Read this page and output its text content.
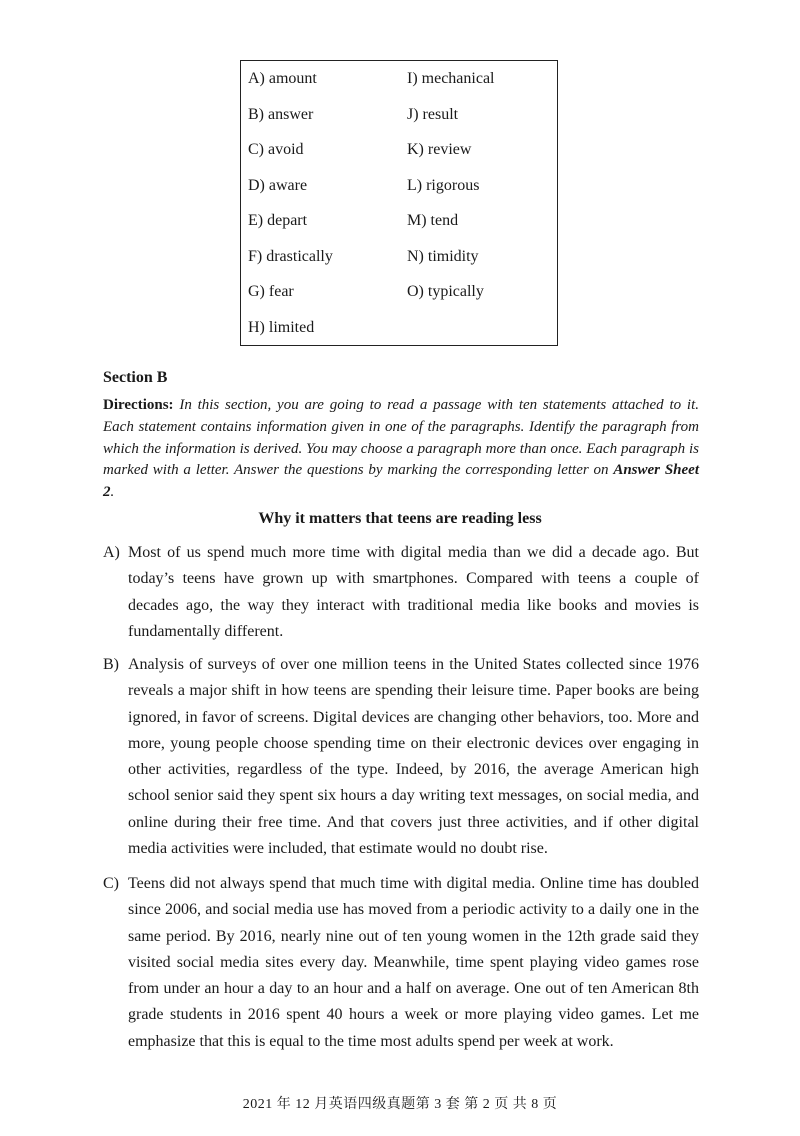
A) amount
B) answer
C) avoid
D) aware
E) depart
F) drastically
G) fear
H) limited
I) mechanical
J) result
K) review
L) rigorous
M) tend
N) timidity
O) typically
Section B
Directions: In this section, you are going to read a passage with ten statements attached to it. Each statement contains information given in one of the paragraphs. Identify the paragraph from which the information is derived. You may choose a paragraph more than once. Each paragraph is marked with a letter. Answer the questions by marking the corresponding letter on Answer Sheet 2.
Why it matters that teens are reading less
A) Most of us spend much more time with digital media than we did a decade ago. But today’s teens have grown up with smartphones. Compared with teens a couple of decades ago, the way they interact with traditional media like books and movies is fundamentally different.
B) Analysis of surveys of over one million teens in the United States collected since 1976 reveals a major shift in how teens are spending their leisure time. Paper books are being ignored, in favor of screens. Digital devices are changing other behaviors, too. More and more, young people choose spending time on their electronic devices over engaging in other activities, regardless of the type. Indeed, by 2016, the average American high school senior said they spent six hours a day writing text messages, on social media, and online during their free time. And that covers just three activities, and if other digital media activities were included, that estimate would no doubt rise.
C) Teens did not always spend that much time with digital media. Online time has doubled since 2006, and social media use has moved from a periodic activity to a daily one in the same period. By 2016, nearly nine out of ten young women in the 12th grade said they visited social media sites every day. Meanwhile, time spent playing video games rose from under an hour a day to an hour and a half on average. One out of ten American 8th grade students in 2016 spent 40 hours a week or more playing video games. Let me emphasize that this is equal to the time most adults spend per week at work.
2021 年 12 月英语四级真题第 3 套 第 2 页 共 8 页
